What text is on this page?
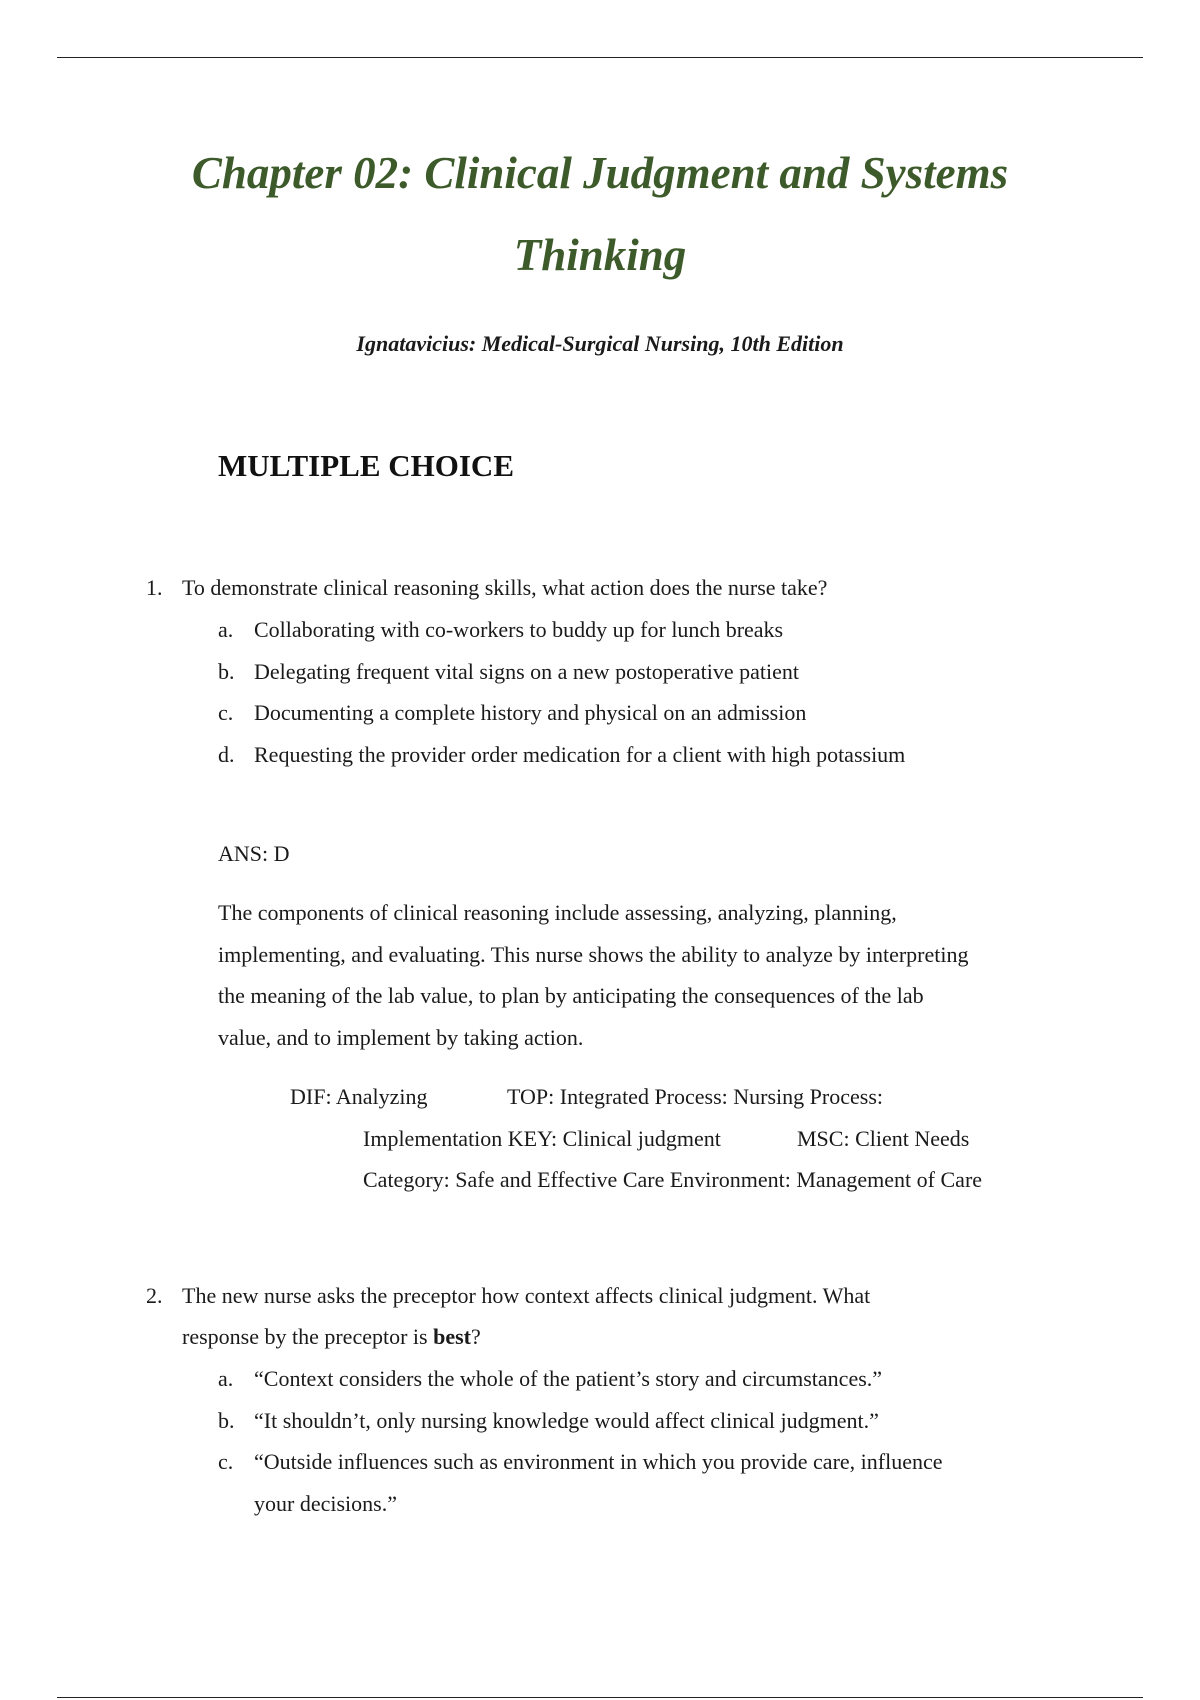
Chapter 02: Clinical Judgment and Systems
Thinking
Ignatavicius: Medical-Surgical Nursing, 10th Edition
MULTIPLE CHOICE
1. To demonstrate clinical reasoning skills, what action does the nurse take?
a. Collaborating with co-workers to buddy up for lunch breaks
b. Delegating frequent vital signs on a new postoperative patient
c. Documenting a complete history and physical on an admission
d. Requesting the provider order medication for a client with high potassium
ANS: D
The components of clinical reasoning include assessing, analyzing, planning,
implementing, and evaluating. This nurse shows the ability to analyze by interpreting
the meaning of the lab value, to plan by anticipating the consequences of the lab
value, and to implement by taking action.
DIF: Analyzing	TOP: Integrated Process: Nursing Process:
Implementation KEY: Clinical judgment	MSC: Client Needs
Category: Safe and Effective Care Environment: Management of Care
2. The new nurse asks the preceptor how context affects clinical judgment. What
response by the preceptor is best?
a. “Context considers the whole of the patient’s story and circumstances.”
b. “It shouldn’t, only nursing knowledge would affect clinical judgment.”
c. “Outside influences such as environment in which you provide care, influence
your decisions.”
